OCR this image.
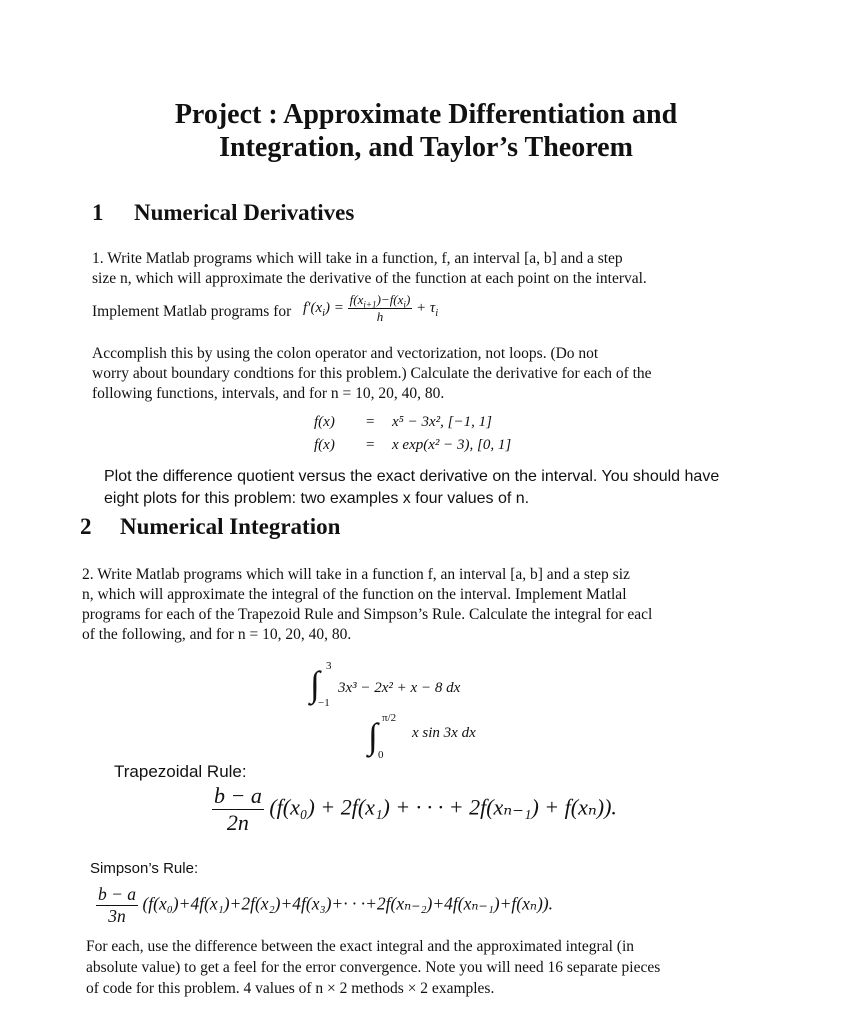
Project : Approximate Differentiation and
Integration, and Taylor’s Theorem
1 Numerical Derivatives
1. Write Matlab programs which will take in a function, f, an interval [a, b] and a step
size n, which will approximate the derivative of the function at each point on the interval.
Implement Matlab programs for $f'(x_i) = \frac{f(x_{i+1})-f(x_i)}{h} + \tau_i$
Accomplish this by using the colon operator and vectorization, not loops. (Do not
worry about boundary condtions for this problem.) Calculate the derivative for each of the
following functions, intervals, and for n = 10, 20, 40, 80.
f(x) = x⁵ − 3x², [−1, 1]
f(x) = x exp(x² − 3), [0, 1]
Plot the difference quotient versus the exact derivative on the interval. You should have
eight plots for this problem: two examples x four values of n.
2 Numerical Integration
2. Write Matlab programs which will take in a function f, an interval [a, b] and a step siz
n, which will approximate the integral of the function on the interval. Implement Matlal
programs for each of the Trapezoid Rule and Simpson’s Rule. Calculate the integral for eacl
of the following, and for n = 10, 20, 40, 80.
∫ 3
−1
3x³ − 2x² + x − 8 dx
∫ π/2
0
x sin 3x dx
Trapezoidal Rule:
$\frac{b - a}{2n} (f(x_0) + 2f(x_1)$ + · · · + 2f(xₙ₋₁) + f(xₙ)).
Simpson’s Rule:
$\frac{b - a}{3n} (f(x_0)+4f(x_1)+2f(x_2)+4f(x_3)+\cdot \cdot \cdot+2f(x_{n-2})+4f(x_{n-1})+f(x_n))$.
For each, use the difference between the exact integral and the approximated integral (in
absolute value) to get a feel for the error convergence. Note you will need 16 separate pieces
of code for this problem. 4 values of n × 2 methods × 2 examples.
